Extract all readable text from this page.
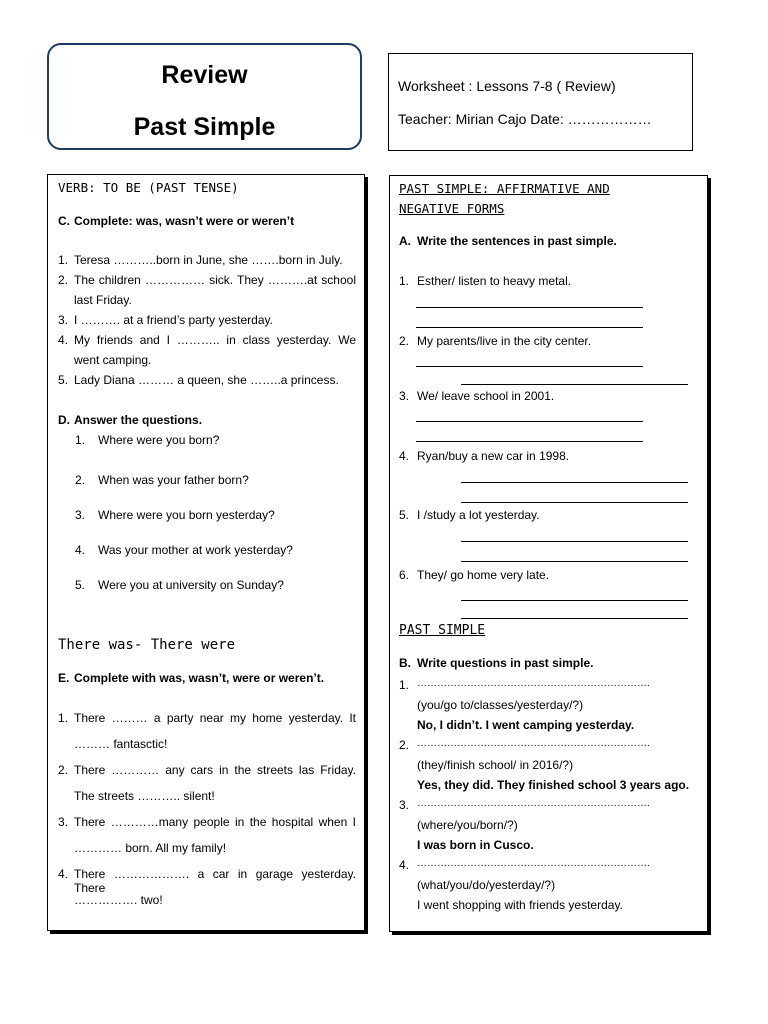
Review
Past Simple
Worksheet : Lessons 7-8 ( Review)
Teacher: Mirian Cajo Date: ………………
VERB: TO BE (PAST TENSE)
C. Complete: was, wasn’t were or weren’t
1. Teresa ………..born in June, she …….born in July.
2. The children …………… sick. They ……….at school
last Friday.
3. I ………. at a friend’s party yesterday.
4. My friends and I ……….. in class yesterday. We
went camping.
5. Lady Diana ……… a queen, she ……..a princess.
D. Answer the questions.
1. Where were you born?
2. When was your father born?
3. Where were you born yesterday?
4. Was your mother at work yesterday?
5. Were you at university on Sunday?
There was- There were
E. Complete with was, wasn’t, were or weren’t.
1. There ……… a party near my home yesterday. It
……… fantasctic!
2. There ………… any cars in the streets las Friday.
The streets ……….. silent!
3. There …………many people in the hospital when I
………… born. All my family!
4. There ………………. a car in garage yesterday. There
……………. two!
PAST SIMPLE: AFFIRMATIVE AND
NEGATIVE FORMS
A. Write the sentences in past simple.
1. Esther/ listen to heavy metal.
2. My parents/live in the city center.
3. We/ leave school in 2001.
4. Ryan/buy a new car in 1998.
5. I /study a lot yesterday.
6. They/ go home very late.
PAST SIMPLE
B. Write questions in past simple.
1. …………………………………………………………….
(you/go to/classes/yesterday/?)
No, I didn’t. I went camping yesterday.
2. …………………………………………………………….
(they/finish school/ in 2016/?)
Yes, they did. They finished school 3 years ago.
3. …………………………………………………………….
(where/you/born/?)
I was born in Cusco.
4. …………………………………………………………….
(what/you/do/yesterday/?)
I went shopping with friends yesterday.
